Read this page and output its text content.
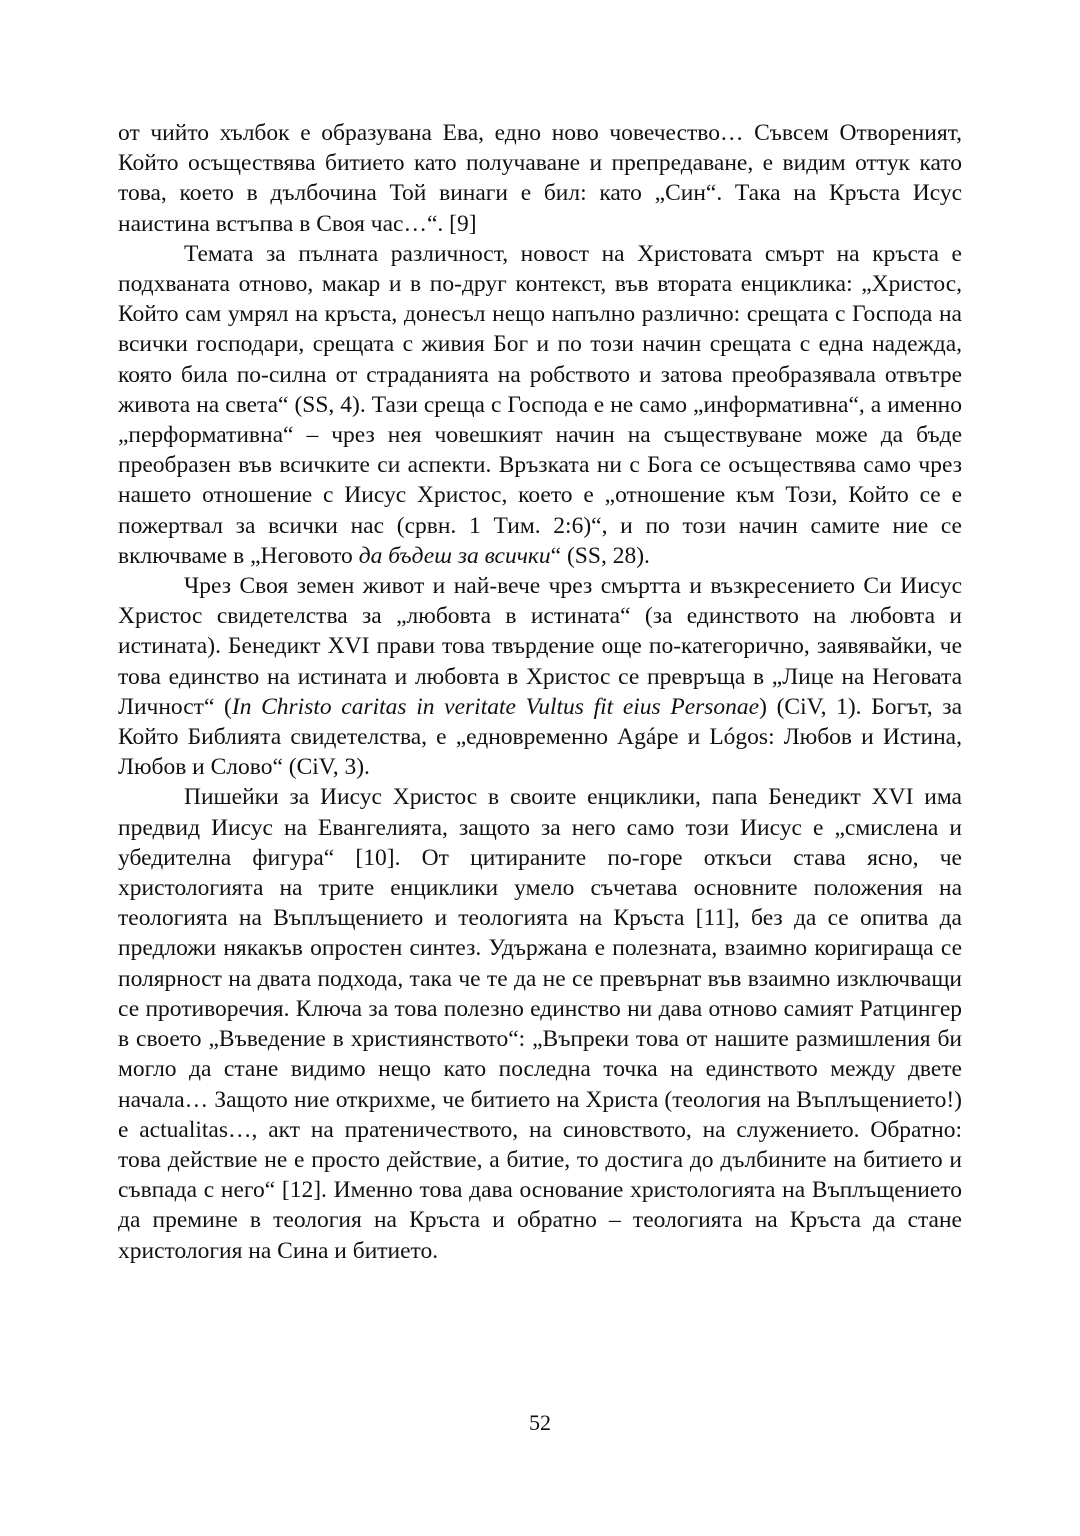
от чийто хълбок е образувана Ева, едно ново човечество… Съвсем Отвореният, Който осъществява битието като получаване и препредаване, е видим оттук като това, което в дълбочина Той винаги е бил: като „Син“. Така на Кръста Исус наистина встъпва в Своя час…“. [9]

Темата за пълната различност, новост на Христовата смърт на кръста е подхваната отново, макар и в по-друг контекст, във втората енциклика: „Христос, Който сам умрял на кръста, донесъл нещо напълно различно: срещата с Господа на всички господари, срещата с живия Бог и по този начин срещата с една надежда, която била по-силна от страданията на робството и затова преобразявала отвътре живота на света“ (SS, 4). Тази среща с Господа е не само „информативна“, а именно „перформативна“ – чрез нея човешкият начин на съществуване може да бъде преобразен във всичките си аспекти. Връзката ни с Бога се осъществява само чрез нашето отношение с Иисус Христос, което е „отношение към Този, Който се е пожертвал за всички нас (срвн. 1 Тим. 2:6)“, и по този начин самите ние се включваме в „Неговото да бъдеш за всички“ (SS, 28).

Чрез Своя земен живот и най-вече чрез смъртта и възкресението Си Иисус Христос свидетелства за „любовта в истината“ (за единството на любовта и истината). Бенедикт XVI прави това твърдение още по-категорично, заявявайки, че това единство на истината и любовта в Христос се превръща в „Лице на Неговата Личност“ (In Christo caritas in veritate Vultus fit eius Personae) (CiV, 1). Богът, за Който Библията свидетелства, е „едновременно Agápe и Lógos: Любов и Истина, Любов и Слово“ (CiV, 3).

Пишейки за Иисус Христос в своите енциклики, папа Бенедикт XVI има предвид Иисус на Евангелията, защото за него само този Иисус е „смислена и убедителна фигура“ [10]. От цитираните по-горе откъси става ясно, че христологията на трите енциклики умело съчетава основните положения на теологията на Въплъщението и теологията на Кръста [11], без да се опитва да предложи някакъв опростен синтез. Удържана е полезната, взаимно коригираща се полярност на двата подхода, така че те да не се превърнат във взаимно изключващи се противоречия. Ключа за това полезно единство ни дава отново самият Ратцингер в своето „Въведение в християнството“: „Въпреки това от нашите размишления би могло да стане видимо нещо като последна точка на единството между двете начала… Защото ние открихме, че битието на Христа (теология на Въплъщението!) е actualitas…, акт на пратеничеството, на синовството, на служението. Обратно: това действие не е просто действие, а битие, то достига до дълбините на битието и съвпада с него“ [12]. Именно това дава основание христологията на Въплъщението да премине в теология на Кръста и обратно – теологията на Кръста да стане христология на Сина и битието.

52
